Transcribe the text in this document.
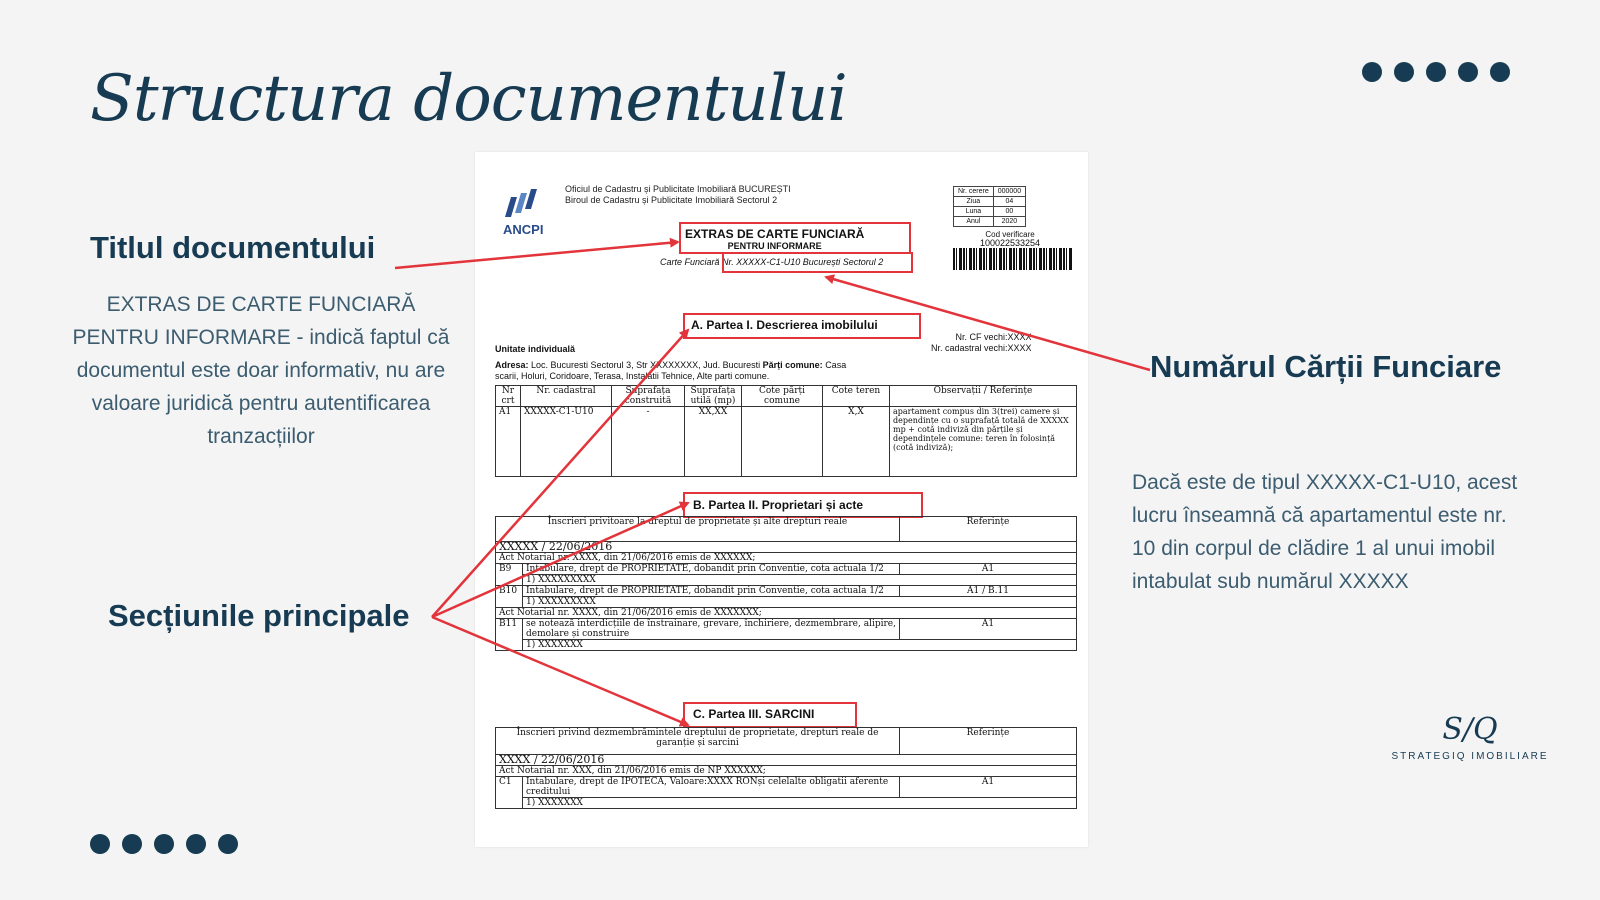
Structura documentului
Titlul documentului
EXTRAS DE CARTE FUNCIARĂ PENTRU INFORMARE - indică faptul că documentul este doar informativ, nu are valoare juridică pentru autentificarea tranzacțiilor
Secțiunile principale
Numărul Cărții Funciare
Dacă este de tipul XXXXX-C1-U10, acest lucru înseamnă că apartamentul este nr. 10 din corpul de clădire 1 al unui imobil intabulat sub numărul XXXXX
ANCPI
Oficiul de Cadastru și Publicitate Imobiliară BUCUREȘTI
Biroul de Cadastru și Publicitate Imobiliară Sectorul 2
Nr. cerere	000000
Ziua	04
Luna	00
Anul	2020
Cod verificare
100022533254
EXTRAS DE CARTE FUNCIARĂ
PENTRU INFORMARE
Carte Funciară Nr. XXXXX-C1-U10 București Sectorul 2
A. Partea I. Descrierea imobilului
Nr. CF vechi:XXXX
Nr. cadastral vechi:XXXX
Unitate individuală
Adresa: Loc. Bucuresti Sectorul 3, Str XXXXXXXX, Jud. Bucuresti Părți comune: Casa
scarii, Holuri, Coridoare, Terasa, Instalatii Tehnice, Alte parti comune.
Nr crt	Nr. cadastral	Suprafața construită	Suprafața utilă (mp)	Cote părți comune	Cote teren	Observații / Referințe
A1	XXXXX-C1-U10	-	XX,XX		X,X	apartament compus din 3(trei) camere și dependințe cu o suprafață totală de XXXXX mp + cotă indiviză din părțile și dependințele comune: teren în folosință (cotă indiviză);
B. Partea II. Proprietari și acte
Înscrieri privitoare la dreptul de proprietate și alte drepturi reale		Referințe
XXXXX / 22/06/2016		
Act Notarial nr. XXXX, din 21/06/2016 emis de XXXXXX;		
B9	Intabulare, drept de PROPRIETATE, dobandit prin Conventie, cota actuala 1/2	A1
	1) XXXXXXXXX	
B10	Intabulare, drept de PROPRIETATE, dobandit prin Conventie, cota actuala 1/2	A1 / B.11
	1) XXXXXXXXX	
Act Notarial nr. XXXX, din 21/06/2016 emis de XXXXXXX;		
B11	se notează interdicțiile de înstrainare, grevare, închiriere, dezmembrare, alipire, demolare și construire	A1
	1) XXXXXXX	
C. Partea III. SARCINI
Înscrieri privind dezmembrămintele dreptului de proprietate, drepturi reale de garanție și sarcini		Referințe
XXXX / 22/06/2016		
Act Notarial nr. XXX, din 21/06/2016 emis de NP XXXXXX;		
C1	Intabulare, drept de IPOTECA, Valoare:XXXX RONși celelalte obligatii aferente creditului	A1
	1) XXXXXXX	
S/Q
STRATEGIQ IMOBILIARE
